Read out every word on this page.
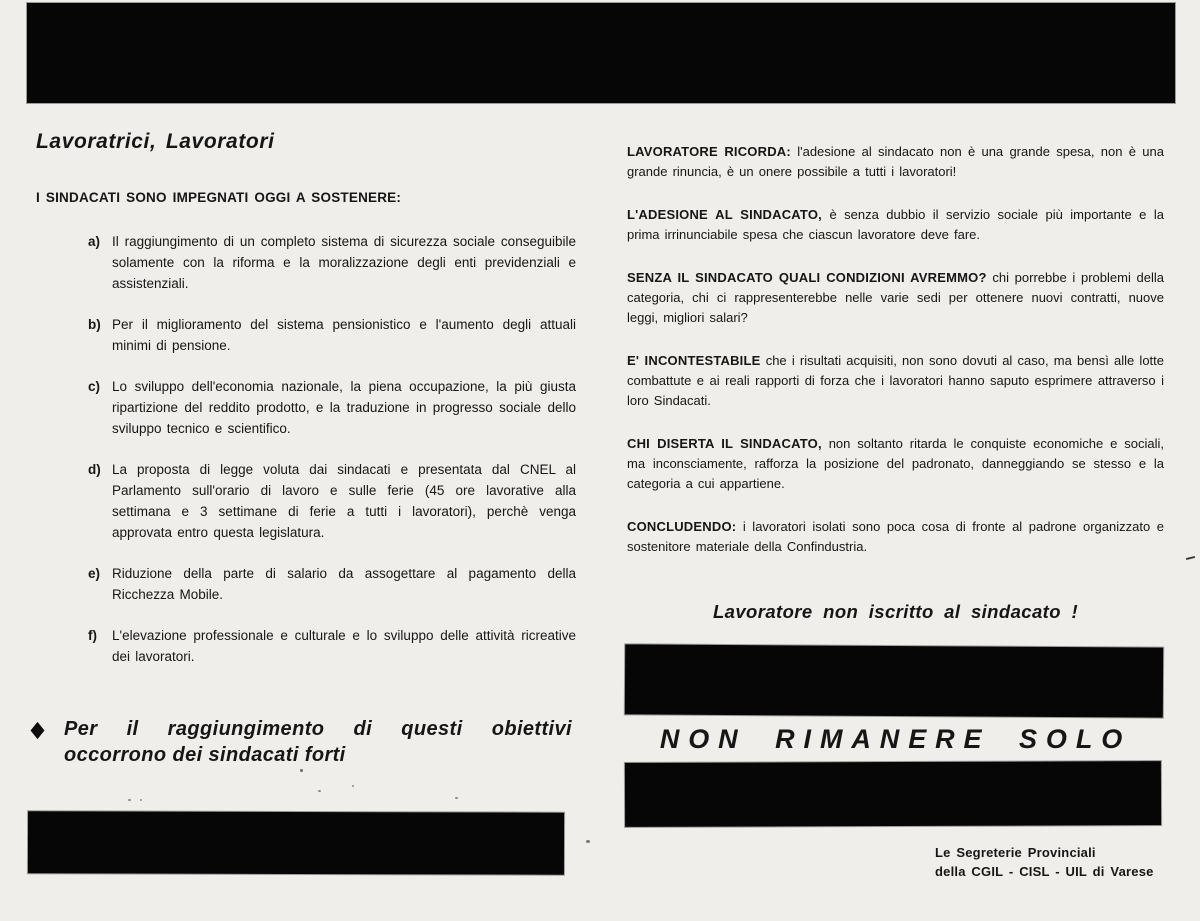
Lavoratrici, Lavoratori

I SINDACATI SONO IMPEGNATI OGGI A SOSTENERE:

a) Il raggiungimento di un completo sistema di sicurezza sociale conseguibile solamente con la riforma e la moralizzazione degli enti previdenziali e assistenziali.
b) Per il miglioramento del sistema pensionistico e l'aumento degli attuali minimi di pensione.
c) Lo sviluppo dell'economia nazionale, la piena occupazione, la più giusta ripartizione del reddito prodotto, e la traduzione in progresso sociale dello sviluppo tecnico e scientifico.
d) La proposta di legge voluta dai sindacati e presentata dal CNEL al Parlamento sull'orario di lavoro e sulle ferie (45 ore lavorative alla settimana e 3 settimane di ferie a tutti i lavoratori), perchè venga approvata entro questa legislatura.
e) Riduzione della parte di salario da assogettare al pagamento della Ricchezza Mobile.
f)	L'elevazione professionale e culturale e lo sviluppo delle attività ricreative dei lavoratori.
Per il raggiungimento di questi obiettivi
occorrono dei sindacati forti

LAVORATORE RICORDA: l'adesione al sindacato non è una grande spesa, non è una grande rinuncia, è un onere possibile a tutti i lavoratori!

L'ADESIONE AL SINDACATO, è senza dubbio il servizio sociale più importante e la prima irrinunciabile spesa che ciascun lavoratore deve fare.

SENZA IL SINDACATO QUALI CONDIZIONI AVREMMO? chi porrebbe i problemi della categoria, chi ci rappresenterebbe nelle varie sedi per ottenere nuovi contratti, nuove leggi, migliori salari?

E' INCONTESTABILE che i risultati acquisiti, non sono dovuti al caso, ma bensì alle lotte combattute e ai reali rapporti di forza che i lavoratori hanno saputo esprimere attraverso i loro Sindacati.

CHI DISERTA IL SINDACATO, non soltanto ritarda le conquiste economiche e sociali, ma inconsciamente, rafforza la posizione del padronato, danneggiando se stesso e la categoria a cui appartiene.

CONCLUDENDO: i lavoratori isolati sono poca cosa di fronte al padrone organizzato e sostenitore materiale della Confindustria.

Lavoratore non iscritto al sindacato !
NON RIMANERE SOLO
Le Segreterie Provinciali
della CGIL - CISL - UIL di Varese
